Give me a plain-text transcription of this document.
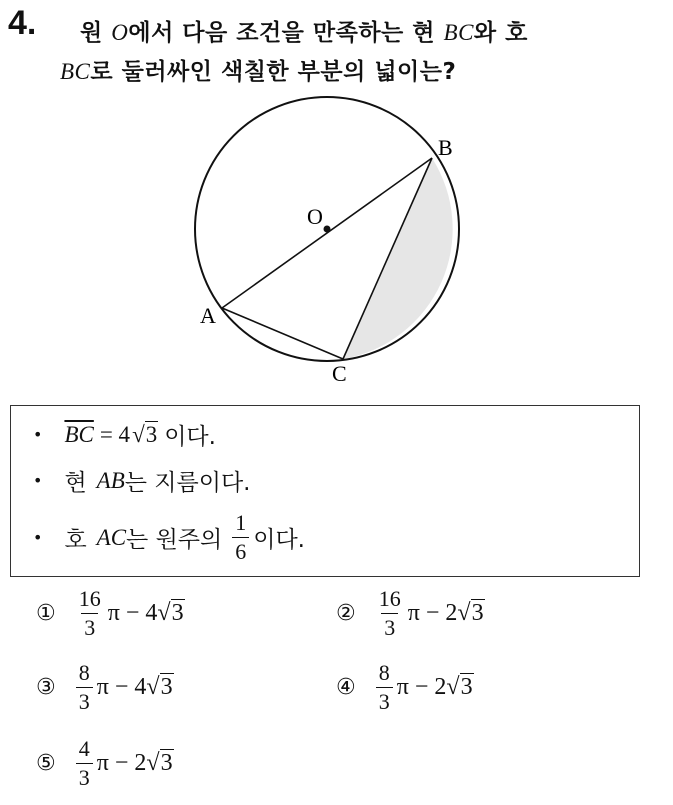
4. 원 O에서 다음 조건을 만족하는 현 BC와 호
BC로 둘러싸인 색칠한 부분의 넓이는?
O
B
A
C
• $\overline{BC} = 4$ √3 이다.
• 현 AB 는 지름이다.
• 호 AC 는 원주의 $\frac{1}{6}$ 이다.
① $\frac{16}{3}$ π − 4 √3	② $\frac{16}{3}$ π − 2 √3
③ $\frac{8}{3}$ π − 4 √3	④ $\frac{8}{3}$ π − 2 √3
⑤ $\frac{4}{3}$ π − 2 √3
